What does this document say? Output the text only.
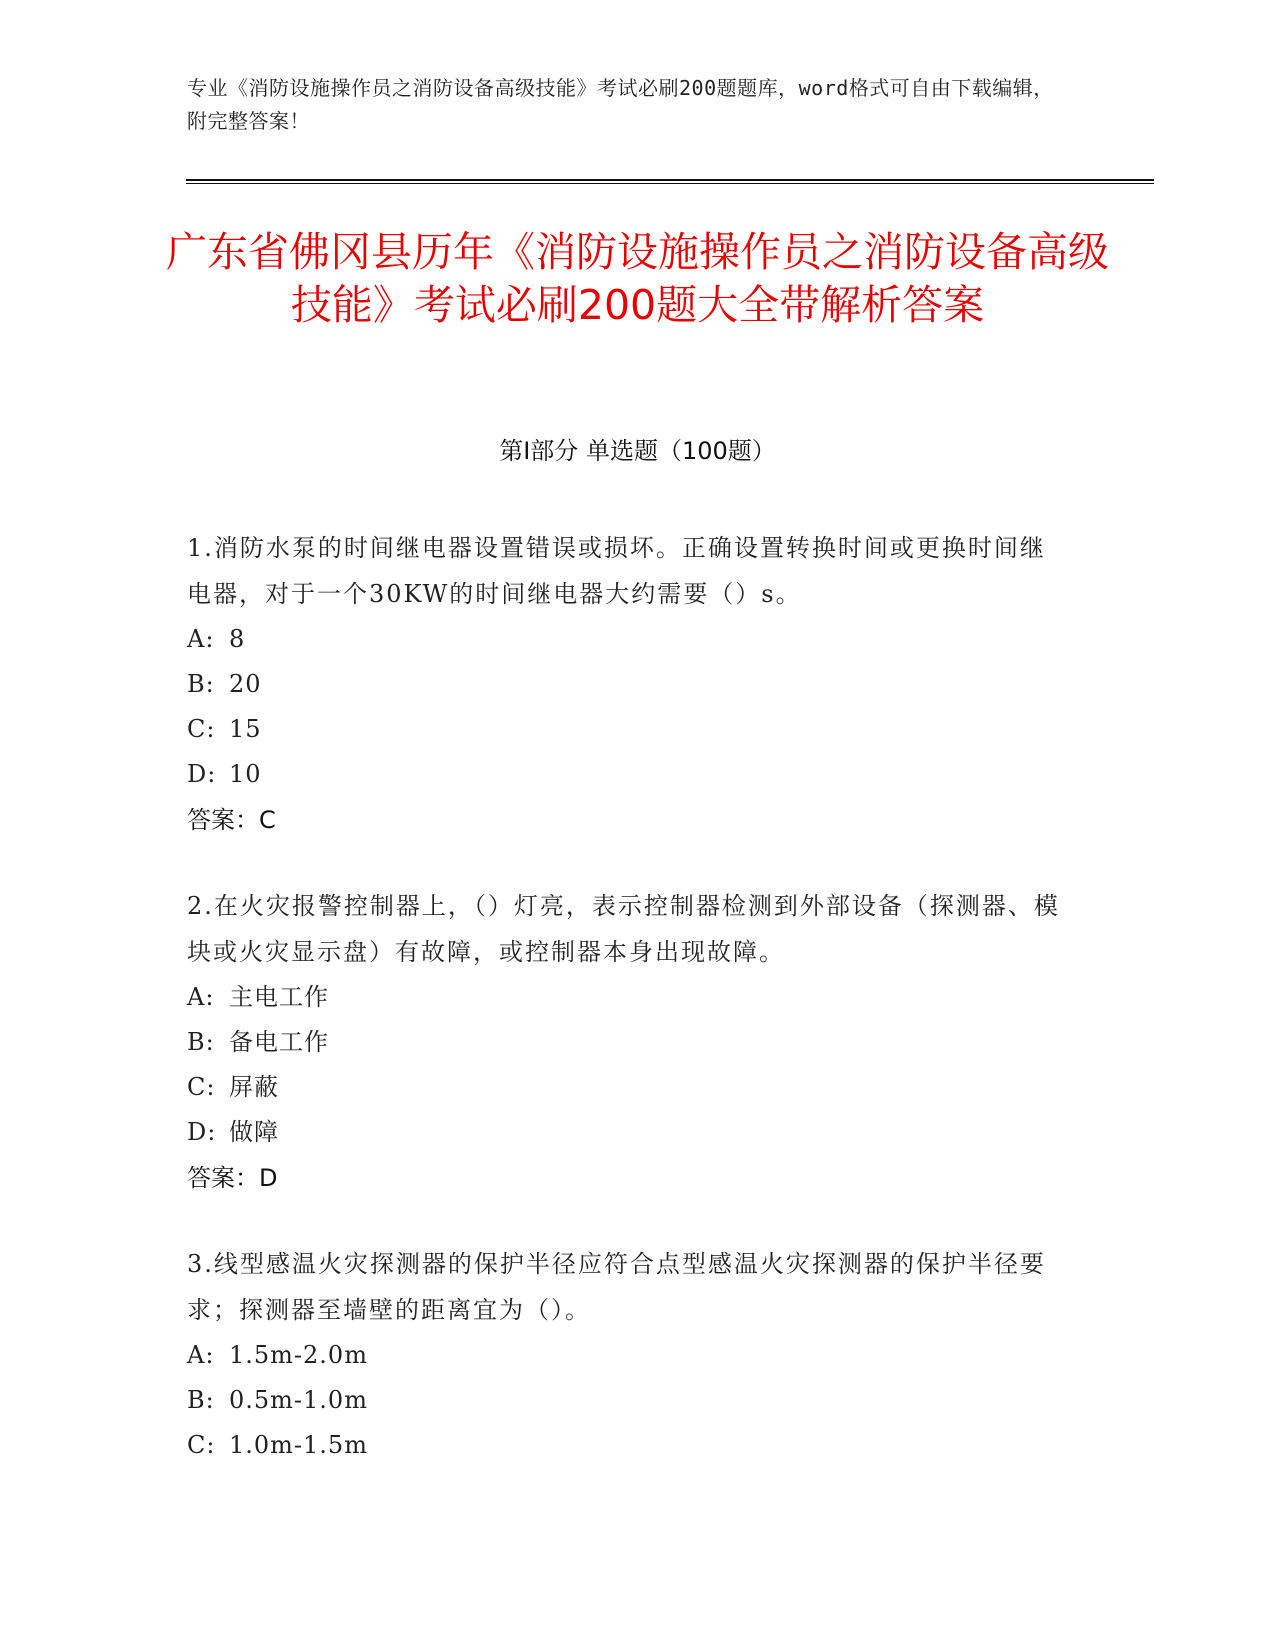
专业《消防设施操作员之消防设备高级技能》考试必刷200题题库，word格式可自由下载编辑，附完整答案！
广东省佛冈县历年《消防设施操作员之消防设备高级技能》考试必刷200题大全带解析答案
第Ⅰ部分 单选题（100题）

1.消防水泵的时间继电器设置错误或损坏。正确设置转换时间或更换时间继电器，对于一个30KW的时间继电器大约需要（）s。

A: 8
B: 20
C: 15
D: 10
答案：C

2.在火灾报警控制器上，（）灯亮，表示控制器检测到外部设备（探测器、模块或火灾显示盘）有故障，或控制器本身出现故障。

A: 主电工作
B: 备电工作
C: 屏蔽
D: 做障
答案：D

3.线型感温火灾探测器的保护半径应符合点型感温火灾探测器的保护半径要求；探测器至墙壁的距离宜为（）。

A: 1.5m-2.0m
B: 0.5m-1.0m
C: 1.0m-1.5m
